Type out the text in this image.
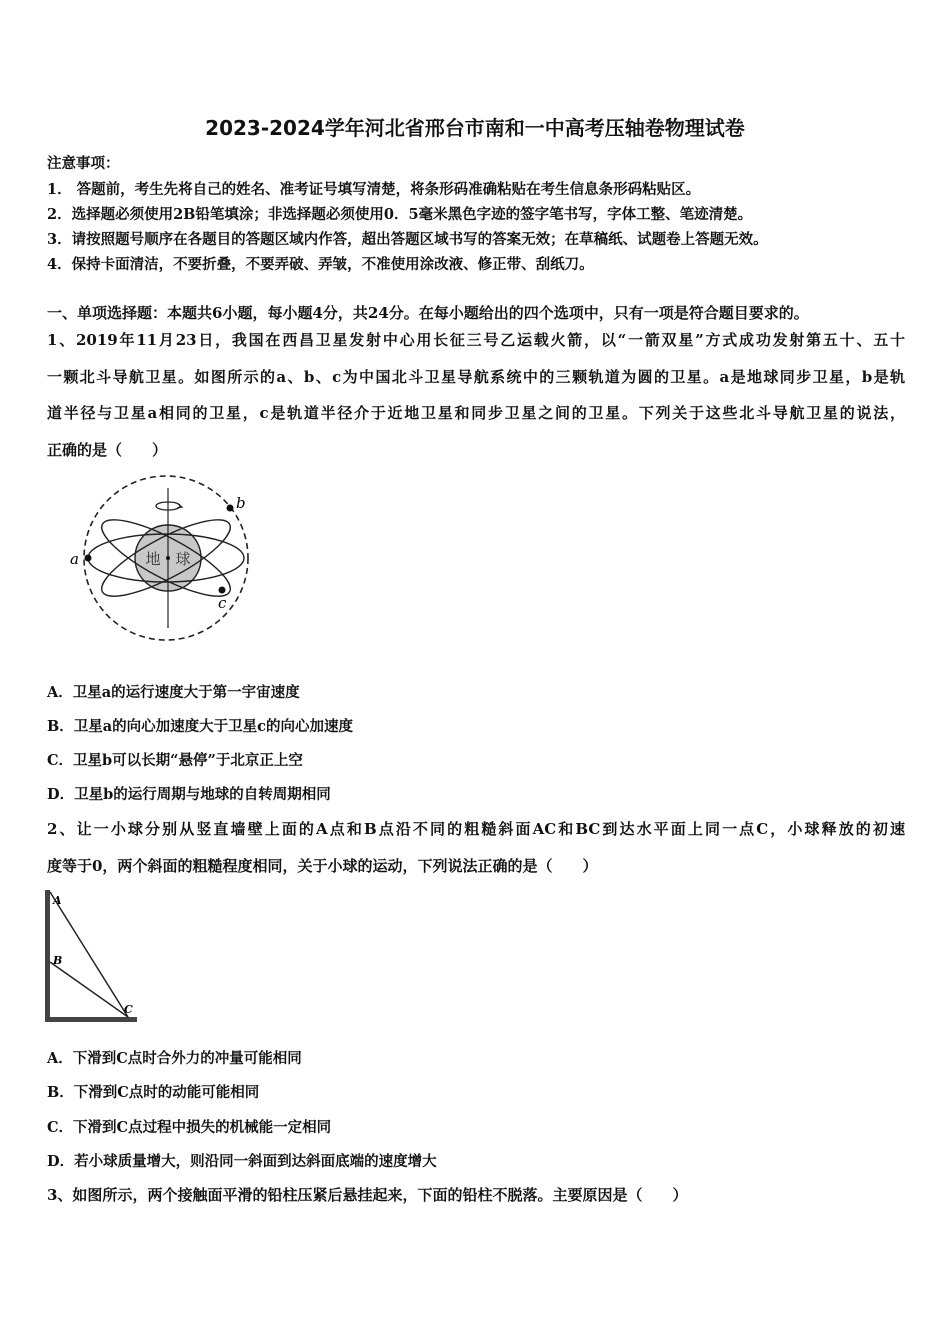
2023-2024学年河北省邢台市南和一中高考压轴卷物理试卷
注意事项：
1． 答题前，考生先将自己的姓名、准考证号填写清楚，将条形码准确粘贴在考生信息条形码粘贴区。
2．选择题必须使用2B铅笔填涂；非选择题必须使用0．5毫米黑色字迹的签字笔书写，字体工整、笔迹清楚。
3．请按照题号顺序在各题目的答题区域内作答，超出答题区域书写的答案无效；在草稿纸、试题卷上答题无效。
4．保持卡面清洁，不要折叠，不要弄破、弄皱，不准使用涂改液、修正带、刮纸刀。
一、单项选择题：本题共6小题，每小题4分，共24分。在每小题给出的四个选项中，只有一项是符合题目要求的。
1、2019年11月23日，我国在西昌卫星发射中心用长征三号乙运载火箭，以“一箭双星”方式成功发射第五十、五十
一颗北斗导航卫星。如图所示的a、b、c为中国北斗卫星导航系统中的三颗轨道为圆的卫星。a是地球同步卫星，b是轨
道半径与卫星a相同的卫星，c是轨道半径介于近地卫星和同步卫星之间的卫星。下列关于这些北斗导航卫星的说法，
正确的是（　　）
地　球
a
b
c
A．卫星a的运行速度大于第一宇宙速度
B．卫星a的向心加速度大于卫星c的向心加速度
C．卫星b可以长期“悬停”于北京正上空
D．卫星b的运行周期与地球的自转周期相同
2、让一小球分别从竖直墙壁上面的A点和B点沿不同的粗糙斜面AC和BC到达水平面上同一点C，小球释放的初速
度等于0，两个斜面的粗糙程度相同，关于小球的运动，下列说法正确的是（　　）
A
B
C
A．下滑到C点时合外力的冲量可能相同
B．下滑到C点时的动能可能相同
C．下滑到C点过程中损失的机械能一定相同
D．若小球质量增大，则沿同一斜面到达斜面底端的速度增大
3、如图所示，两个接触面平滑的铅柱压紧后悬挂起来，下面的铅柱不脱落。主要原因是（　　）
